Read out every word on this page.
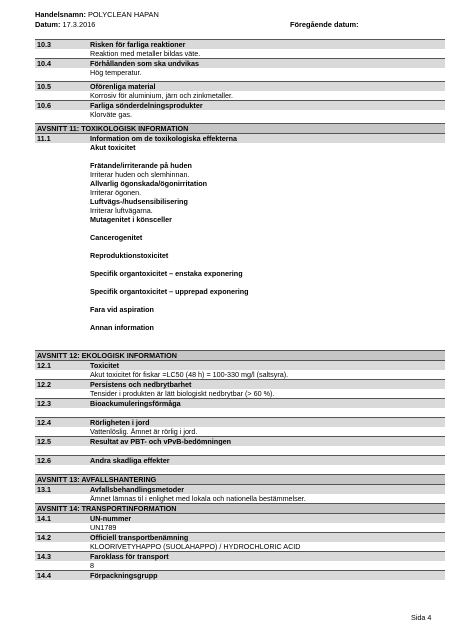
Handelsnamn: POLYCLEAN HAPAN
Datum: 17.3.2016	Föregående datum:
10.3	Risken för farliga reaktioner
Reaktion med metaller bildas väte.
10.4	Förhållanden som ska undvikas
Hög temperatur.
10.5	Oförenliga material
Korrosiv för aluminium, järn och zinkmetaller.
10.6	Farliga sönderdelningsprodukter
Klorväte gas.
AVSNITT 11: TOXIKOLOGISK INFORMATION
11.1	Information om de toxikologiska effekterna
Akut toxicitet
Frätande/irriterande på huden
Irriterar huden och slemhinnan.
Allvarlig ögonskada/ögonirritation
Irriterar ögonen.
Luftvägs-/hudsensibilisering
Irriterar luftvägarna.
Mutagenitet i könsceller
Cancerogenitet
Reproduktionstoxicitet
Specifik organtoxicitet – enstaka exponering
Specifik organtoxicitet – upprepad exponering
Fara vid aspiration
Annan information
AVSNITT 12: EKOLOGISK INFORMATION
12.1	Toxicitet
Akut toxicitet för fiskar =LC50 (48 h) = 100-330 mg/l (saltsyra).
12.2	Persistens och nedbrytbarhet
Tensider i produkten är lätt biologiskt nedbrytbar (> 60 %).
12.3	Bioackumuleringsförmåga
12.4	Rörligheten i jord
Vattenlöslig. Ämnet är rörlig i jord.
12.5	Resultat av PBT- och vPvB-bedömningen
12.6	Andra skadliga effekter
AVSNITT 13: AVFALLSHANTERING
13.1	Avfallsbehandlingsmetoder
Ämnet lämnas til i enlighet med lokala och nationella bestämmelser.
AVSNITT 14: TRANSPORTINFORMATION
14.1	UN-nummer
UN1789
14.2	Officiell transportbenämning
KLOORIVETYHAPPO (SUOLAHAPPO) / HYDROCHLORIC ACID
14.3	Faroklass för transport
8
14.4	Förpackningsgrupp
Sida 4
